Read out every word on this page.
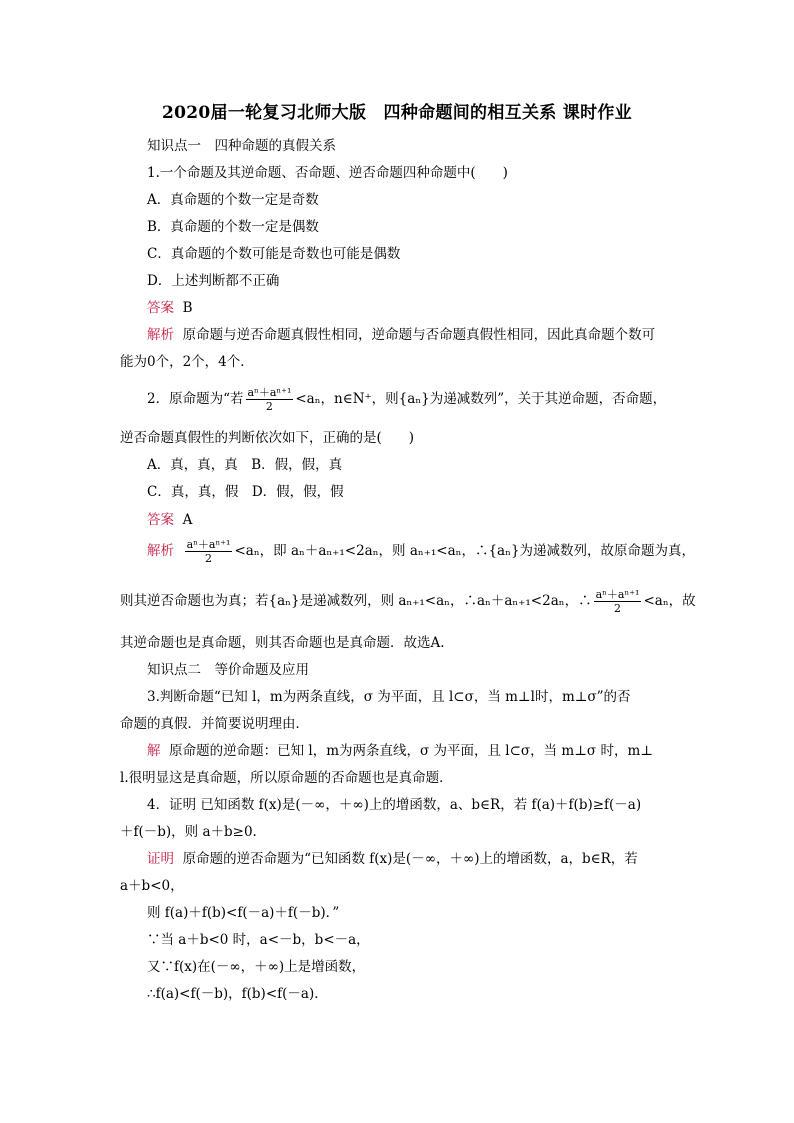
2020届一轮复习北师大版　四种命题间的相互关系 课时作业
知识点一　四种命题的真假关系
1.一个命题及其逆命题、否命题、逆否命题四种命题中(　　)
A．真命题的个数一定是奇数
B．真命题的个数一定是偶数
C．真命题的个数可能是奇数也可能是偶数
D．上述判断都不正确
答案 B
解析 原命题与逆否命题真假性相同，逆命题与否命题真假性相同，因此真命题个数可
能为0个，2个，4个．
2．原命题为“若 $\frac{\text{aⁿ＋aⁿ⁺¹}}{2} <a_n$，n∈N⁺，则{aₙ}为递减数列”，关于其逆命题，否命题，
逆否命题真假性的判断依次如下，正确的是(　　)
A．真，真，真　B．假，假，真
C．真，真，假　D．假，假，假
答案 A
解析 $\frac{\text{aⁿ＋aⁿ⁺¹}}{2} <a_n$，即 aₙ＋aₙ₊₁<2aₙ，则 aₙ₊₁<aₙ，∴{aₙ}为递减数列，故原命题为真，
则其逆否命题也为真；若{aₙ}是递减数列，则 aₙ₊₁<aₙ，∴aₙ＋aₙ₊₁<2aₙ，∴ $\frac{\text{aⁿ＋aⁿ⁺¹}}{2} <a_n$，故
其逆命题也是真命题，则其否命题也是真命题．故选A.
知识点二　等价命题及应用
3.判断命题“已知 l，m为两条直线，σ 为平面，且 l⊂σ，当 m⊥l时，m⊥σ”的否
命题的真假．并简要说明理由．
解 原命题的逆命题：已知 l，m为两条直线，σ 为平面，且 l⊂σ，当 m⊥σ 时，m⊥
l.很明显这是真命题，所以原命题的否命题也是真命题．
4．证明 已知函数 f(x)是(－∞，＋∞)上的增函数，a、b∈R，若 f(a)＋f(b)≥f(－a)
＋f(－b)，则 a＋b≥0.
证明 原命题的逆否命题为“已知函数 f(x)是(－∞，＋∞)上的增函数，a，b∈R，若
a＋b<0，
则 f(a)＋f(b)<f(－a)＋f(－b)．”
∵当 a＋b<0 时，a<－b，b<－a，
又∵f(x)在(－∞，＋∞)上是增函数，
∴f(a)<f(－b)，f(b)<f(－a)．
